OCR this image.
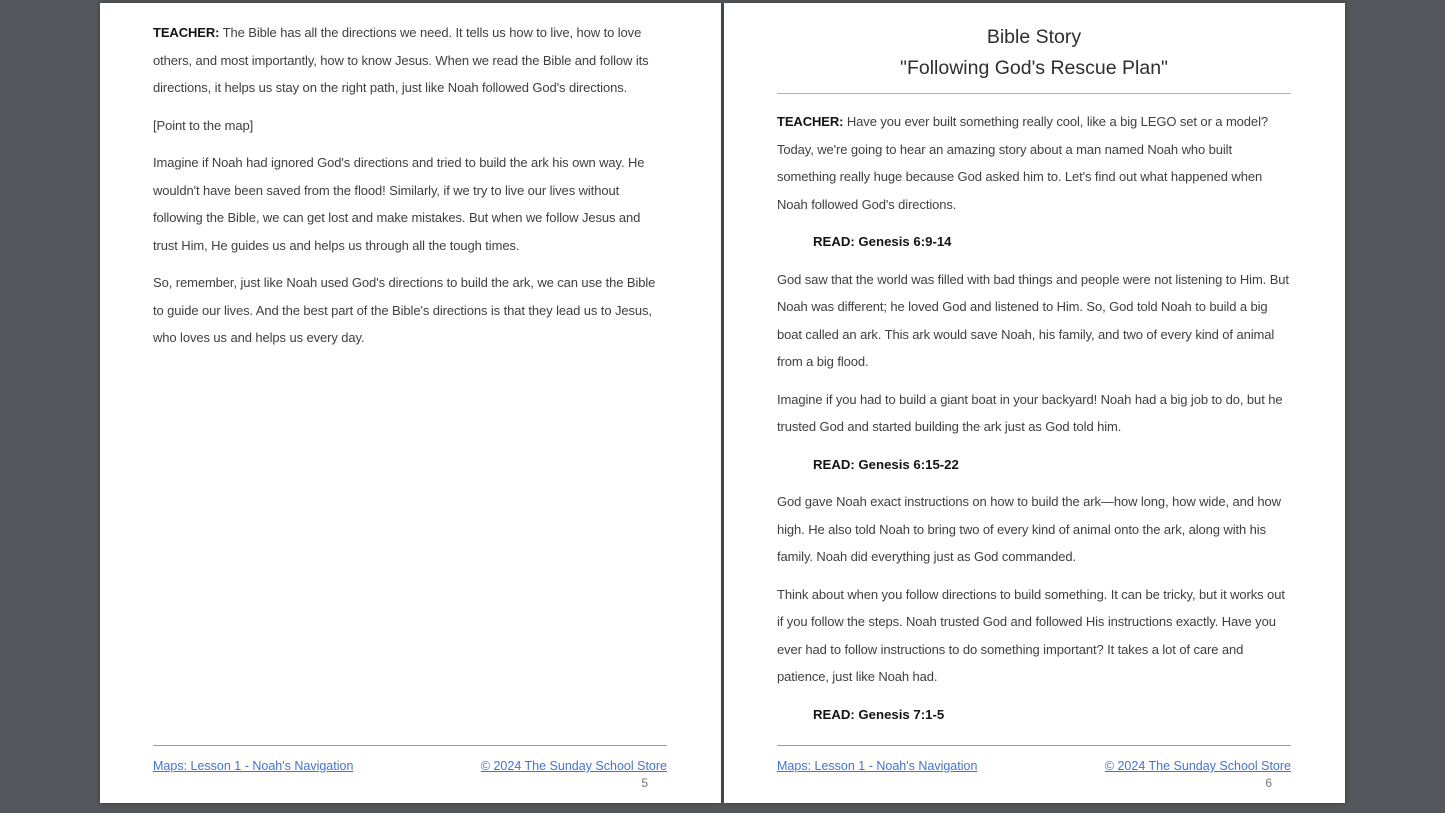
TEACHER: The Bible has all the directions we need. It tells us how to live, how to love others, and most importantly, how to know Jesus. When we read the Bible and follow its directions, it helps us stay on the right path, just like Noah followed God's directions.

[Point to the map]

Imagine if Noah had ignored God's directions and tried to build the ark his own way. He wouldn't have been saved from the flood! Similarly, if we try to live our lives without following the Bible, we can get lost and make mistakes. But when we follow Jesus and trust Him, He guides us and helps us through all the tough times.

So, remember, just like Noah used God's directions to build the ark, we can use the Bible to guide our lives. And the best part of the Bible's directions is that they lead us to Jesus, who loves us and helps us every day.

Maps: Lesson 1 - Noah's Navigation	© 2024 The Sunday School Store
5
Bible Story
"Following God's Rescue Plan"

TEACHER: Have you ever built something really cool, like a big LEGO set or a model? Today, we're going to hear an amazing story about a man named Noah who built something really huge because God asked him to. Let's find out what happened when Noah followed God's directions.

READ: Genesis 6:9-14

God saw that the world was filled with bad things and people were not listening to Him. But Noah was different; he loved God and listened to Him. So, God told Noah to build a big boat called an ark. This ark would save Noah, his family, and two of every kind of animal from a big flood.

Imagine if you had to build a giant boat in your backyard! Noah had a big job to do, but he trusted God and started building the ark just as God told him.

READ: Genesis 6:15-22

God gave Noah exact instructions on how to build the ark—how long, how wide, and how high. He also told Noah to bring two of every kind of animal onto the ark, along with his family. Noah did everything just as God commanded.

Think about when you follow directions to build something. It can be tricky, but it works out if you follow the steps. Noah trusted God and followed His instructions exactly. Have you ever had to follow instructions to do something important? It takes a lot of care and patience, just like Noah had.

READ: Genesis 7:1-5

Maps: Lesson 1 - Noah's Navigation	© 2024 The Sunday School Store
6
